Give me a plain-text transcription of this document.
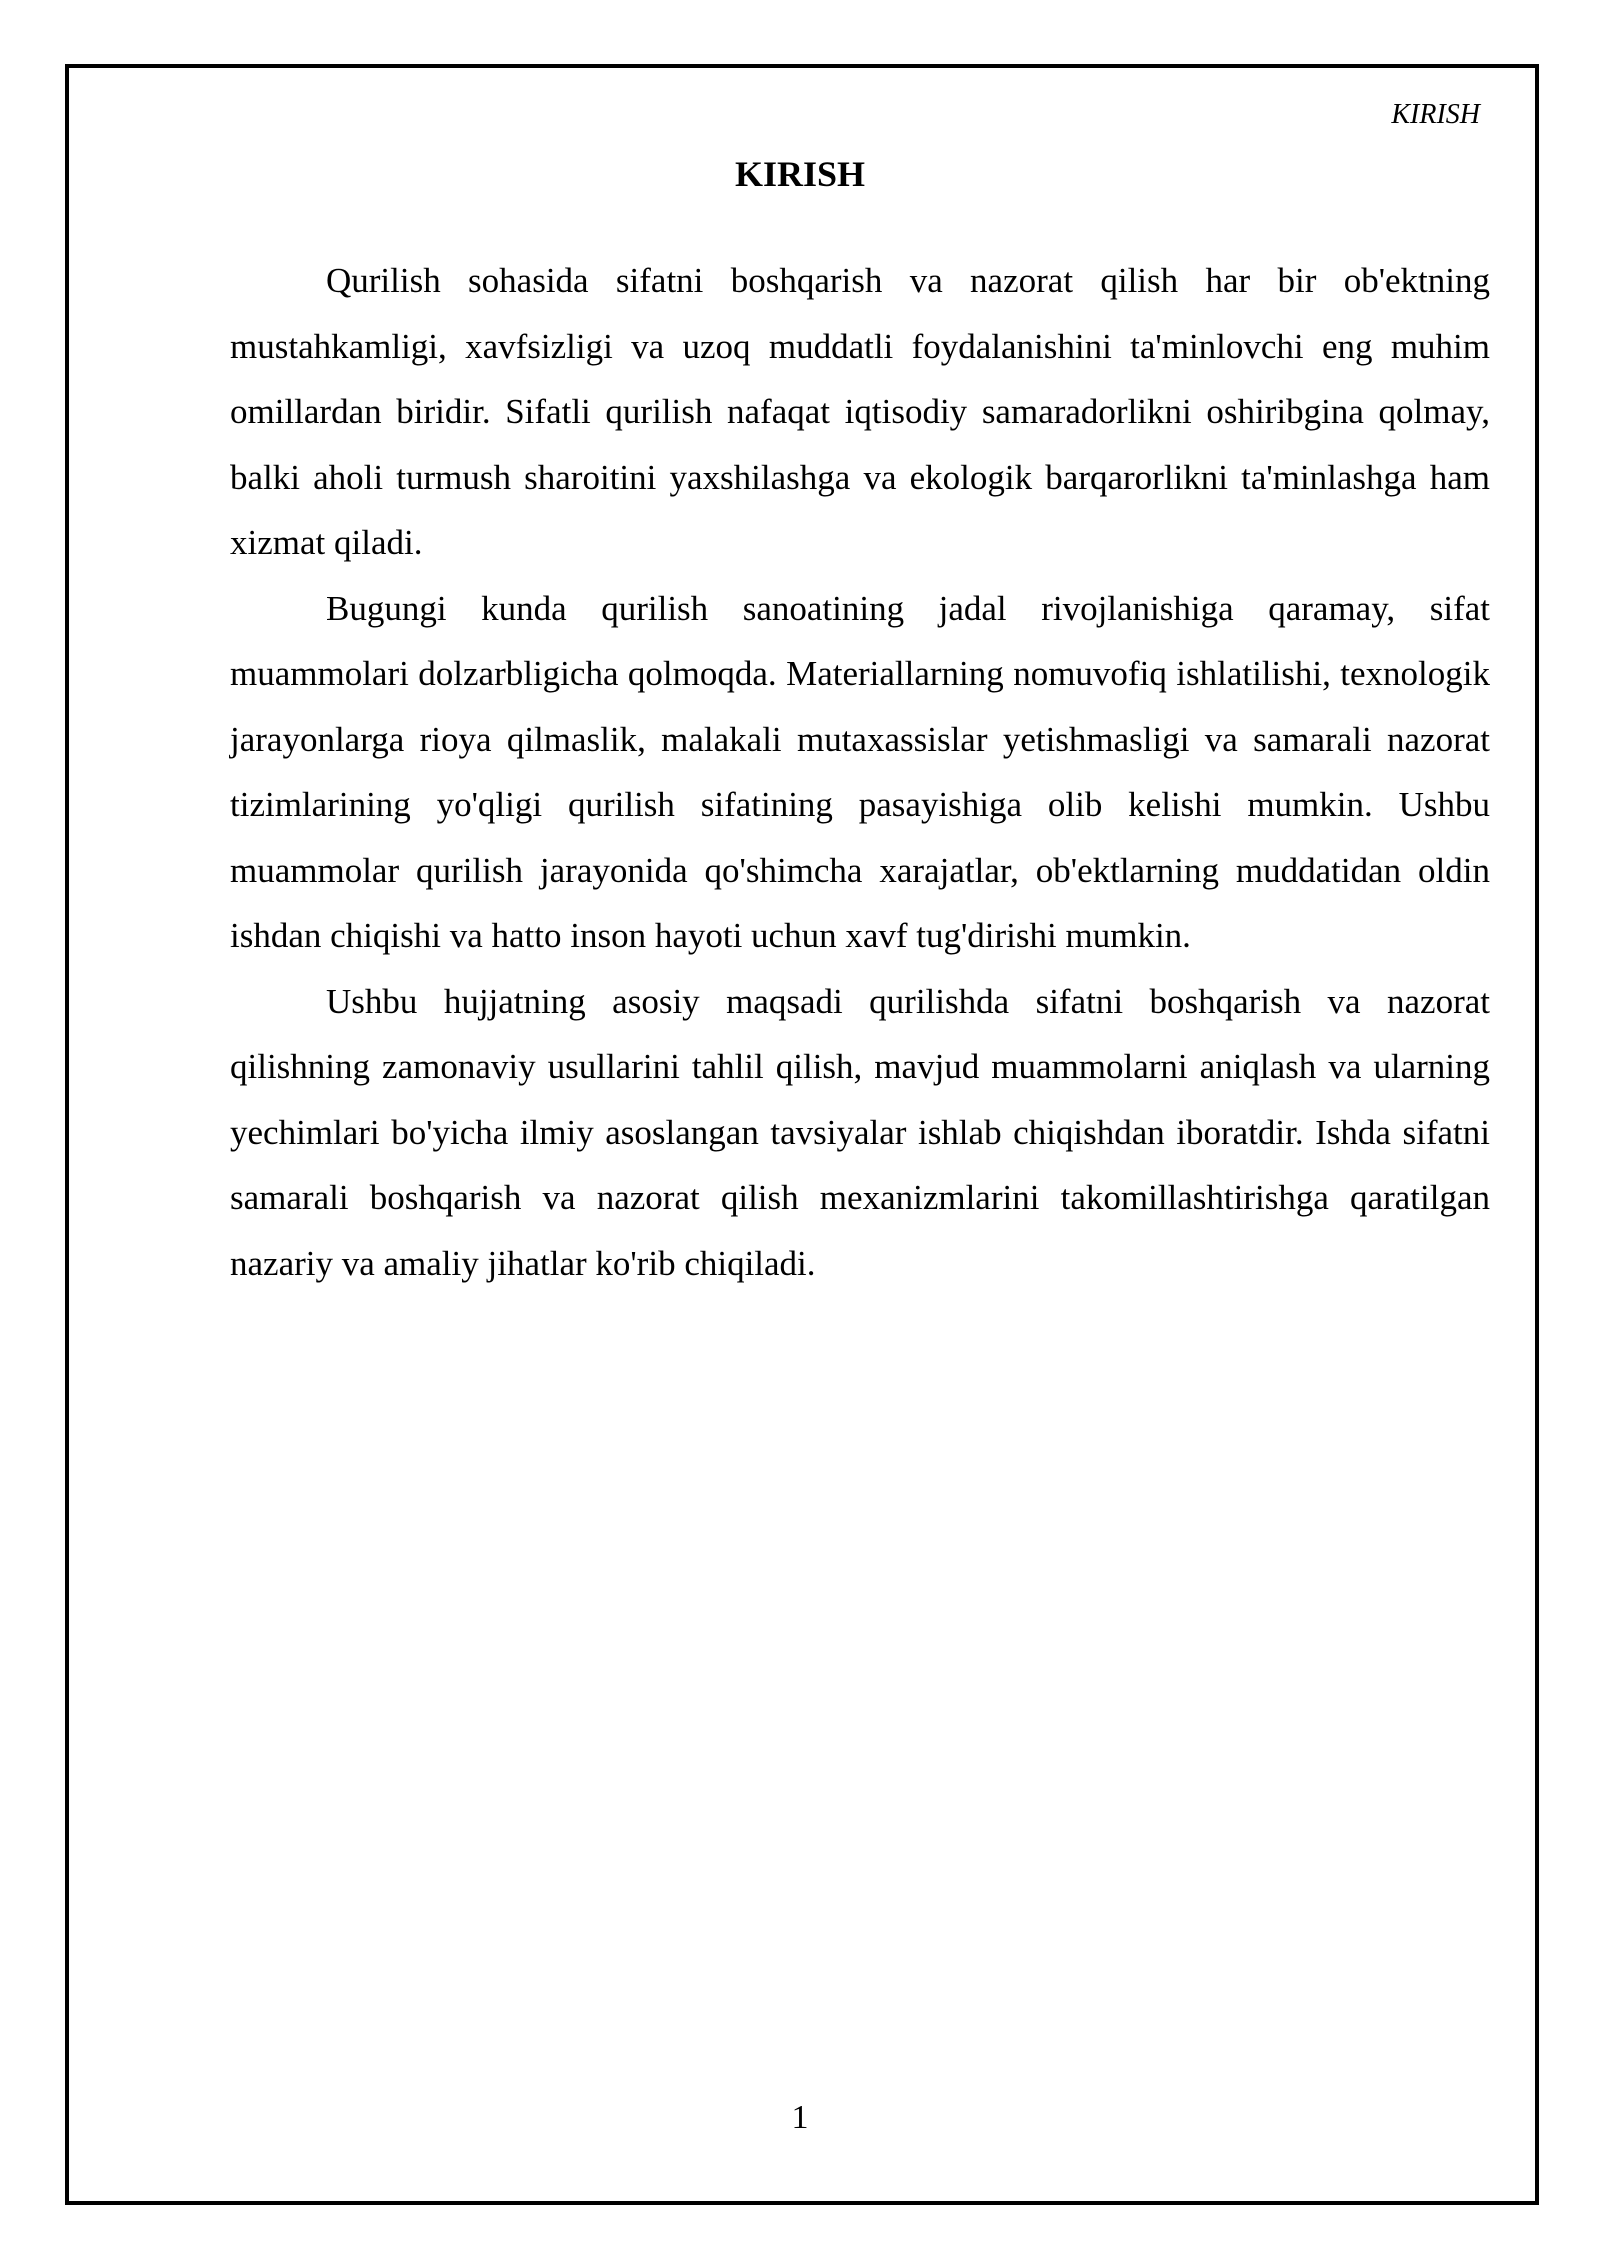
KIRISH
KIRISH

Qurilish sohasida sifatni boshqarish va nazorat qilish har bir ob'ektning mustahkamligi, xavfsizligi va uzoq muddatli foydalanishini ta'minlovchi eng muhim omillardan biridir. Sifatli qurilish nafaqat iqtisodiy samaradorlikni oshiribgina qolmay, balki aholi turmush sharoitini yaxshilashga va ekologik barqarorlikni ta'minlashga ham xizmat qiladi.

Bugungi kunda qurilish sanoatining jadal rivojlanishiga qaramay, sifat muammolari dolzarbligicha qolmoqda. Materiallarning nomuvofiq ishlatilishi, texnologik jarayonlarga rioya qilmaslik, malakali mutaxassislar yetishmasligi va samarali nazorat tizimlarining yo'qligi qurilish sifatining pasayishiga olib kelishi mumkin. Ushbu muammolar qurilish jarayonida qo'shimcha xarajatlar, ob'ektlarning muddatidan oldin ishdan chiqishi va hatto inson hayoti uchun xavf tug'dirishi mumkin.

Ushbu hujjatning asosiy maqsadi qurilishda sifatni boshqarish va nazorat qilishning zamonaviy usullarini tahlil qilish, mavjud muammolarni aniqlash va ularning yechimlari bo'yicha ilmiy asoslangan tavsiyalar ishlab chiqishdan iboratdir. Ishda sifatni samarali boshqarish va nazorat qilish mexanizmlarini takomillashtirishga qaratilgan nazariy va amaliy jihatlar ko'rib chiqiladi.

1
